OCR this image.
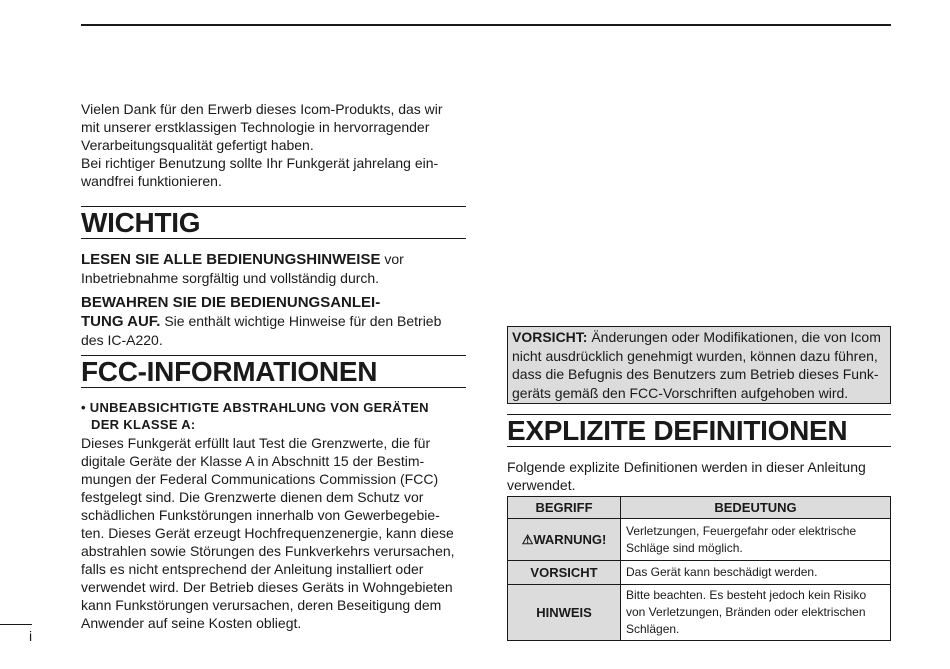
Vielen Dank für den Erwerb dieses Icom-Produkts, das wir

mit unserer erstklassigen Technologie in hervorragender

Verarbeitungsqualität gefertigt haben.

Bei richtiger Benutzung sollte Ihr Funkgerät jahrelang ein-

wandfrei funktionieren.

WICHTIG

LESEN SIE ALLE BEDIENUNGSHINWEISE vor

Inbetriebnahme sorgfältig und vollständig durch.

BEWAHREN SIE DIE BEDIENUNGSANLEI-

TUNG AUF. Sie enthält wichtige Hinweise für den Betrieb

des IC-A220.

FCC-INFORMATIONEN

• UNBEABSICHTIGTE ABSTRAHLUNG VON GERÄTEN

DER KLASSE A:

Dieses Funkgerät erfüllt laut Test die Grenzwerte, die für

digitale Geräte der Klasse A in Abschnitt 15 der Bestim-

mungen der Federal Communications Commission (FCC)

festgelegt sind. Die Grenzwerte dienen dem Schutz vor

schädlichen Funkstörungen innerhalb von Gewerbegebie-

ten. Dieses Gerät erzeugt Hochfrequenzenergie, kann diese

abstrahlen sowie Störungen des Funkverkehrs verursachen,

falls es nicht entsprechend der Anleitung installiert oder

verwendet wird. Der Betrieb dieses Geräts in Wohngebieten

kann Funkstörungen verursachen, deren Beseitigung dem

Anwender auf seine Kosten obliegt.

VORSICHT: Änderungen oder Modifikationen, die von Icom
nicht ausdrücklich genehmigt wurden, können dazu führen,
dass die Befugnis des Benutzers zum Betrieb dieses Funk-
geräts gemäß den FCC-Vorschriften aufgehoben wird.
EXPLIZITE DEFINITIONEN

Folgende explizite Definitionen werden in dieser Anleitung

verwendet.

BEGRIFF	BEDEUTUNG
⚠WARNUNG!	Verletzungen, Feuergefahr oder elektrische
Schläge sind möglich.

VORSICHT	Das Gerät kann beschädigt werden.
HINWEIS	Bitte beachten. Es besteht jedoch kein Risiko
von Verletzungen, Bränden oder elektrischen
Schlägen.
i
